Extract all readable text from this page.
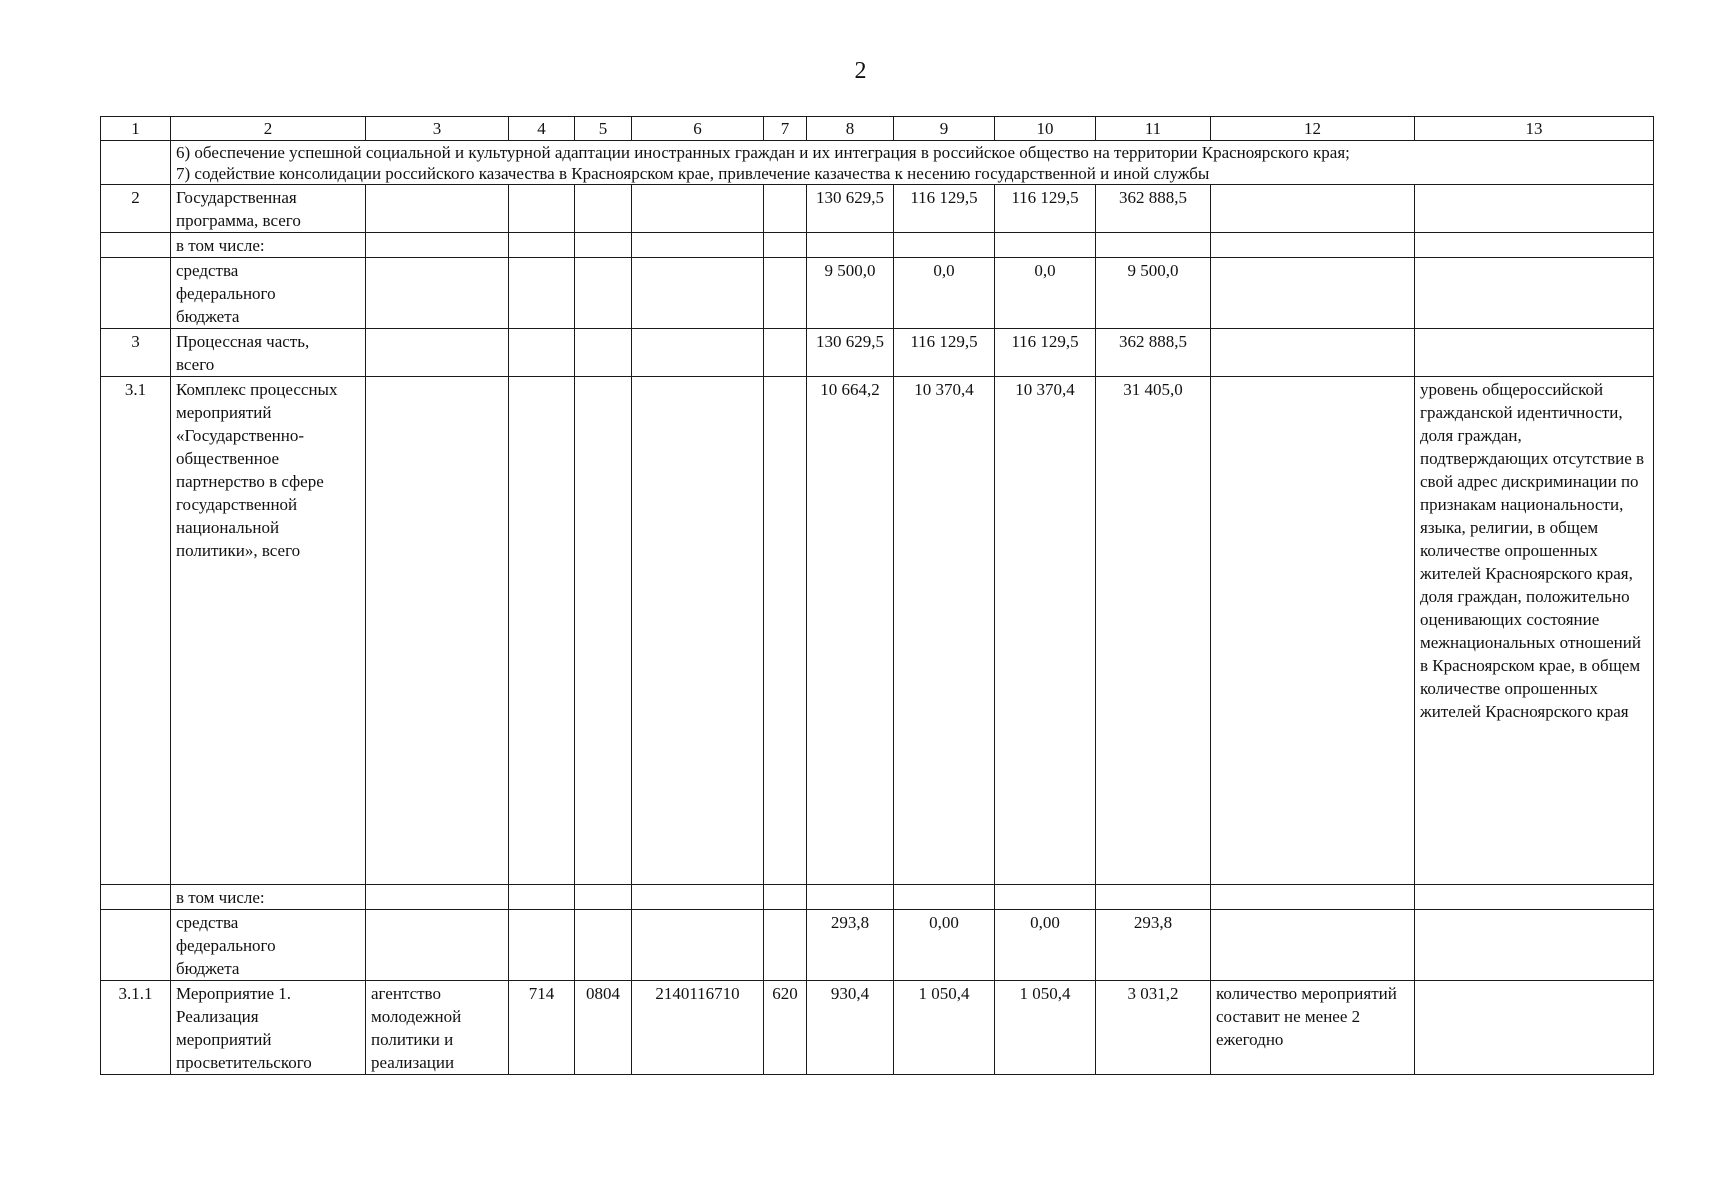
2
1	2	3	4	5	6	7	8	9	10	11	12	13

	6) обеспечение успешной социальной и культурной адаптации иностранных граждан и их интеграция в российское общество на территории Красноярского края;
7) содействие консолидации российского казачества в Красноярском крае, привлечение казачества к несению государственной и иной службы											

2	Государственная программа, всего						130 629,5	116 129,5	116 129,5	362 888,5		
	в том числе:											
	средства федерального бюджета						9 500,0	0,0	0,0	9 500,0		
3	Процессная часть, всего						130 629,5	116 129,5	116 129,5	362 888,5		
3.1	Комплекс процессных мероприятий «Государственно-общественное партнерство в сфере государственной национальной политики», всего						10 664,2	10 370,4	10 370,4	31 405,0		уровень общероссийской гражданской идентичности, доля граждан, подтверждающих отсутствие в свой адрес дискриминации по признакам национальности, языка, религии, в общем количестве опрошенных жителей Красноярского края, доля граждан, положительно оценивающих состояние межнациональных отношений в Красноярском крае, в общем количестве опрошенных жителей Красноярского края
	в том числе:											
	средства федерального бюджета						293,8	0,00	0,00	293,8		
3.1.1	Мероприятие 1. Реализация мероприятий просветительского	агентство молодежной политики и реализации	714	0804	2140116710	620	930,4	1 050,4	1 050,4	3 031,2	количество мероприятий составит не менее 2 ежегодно	
